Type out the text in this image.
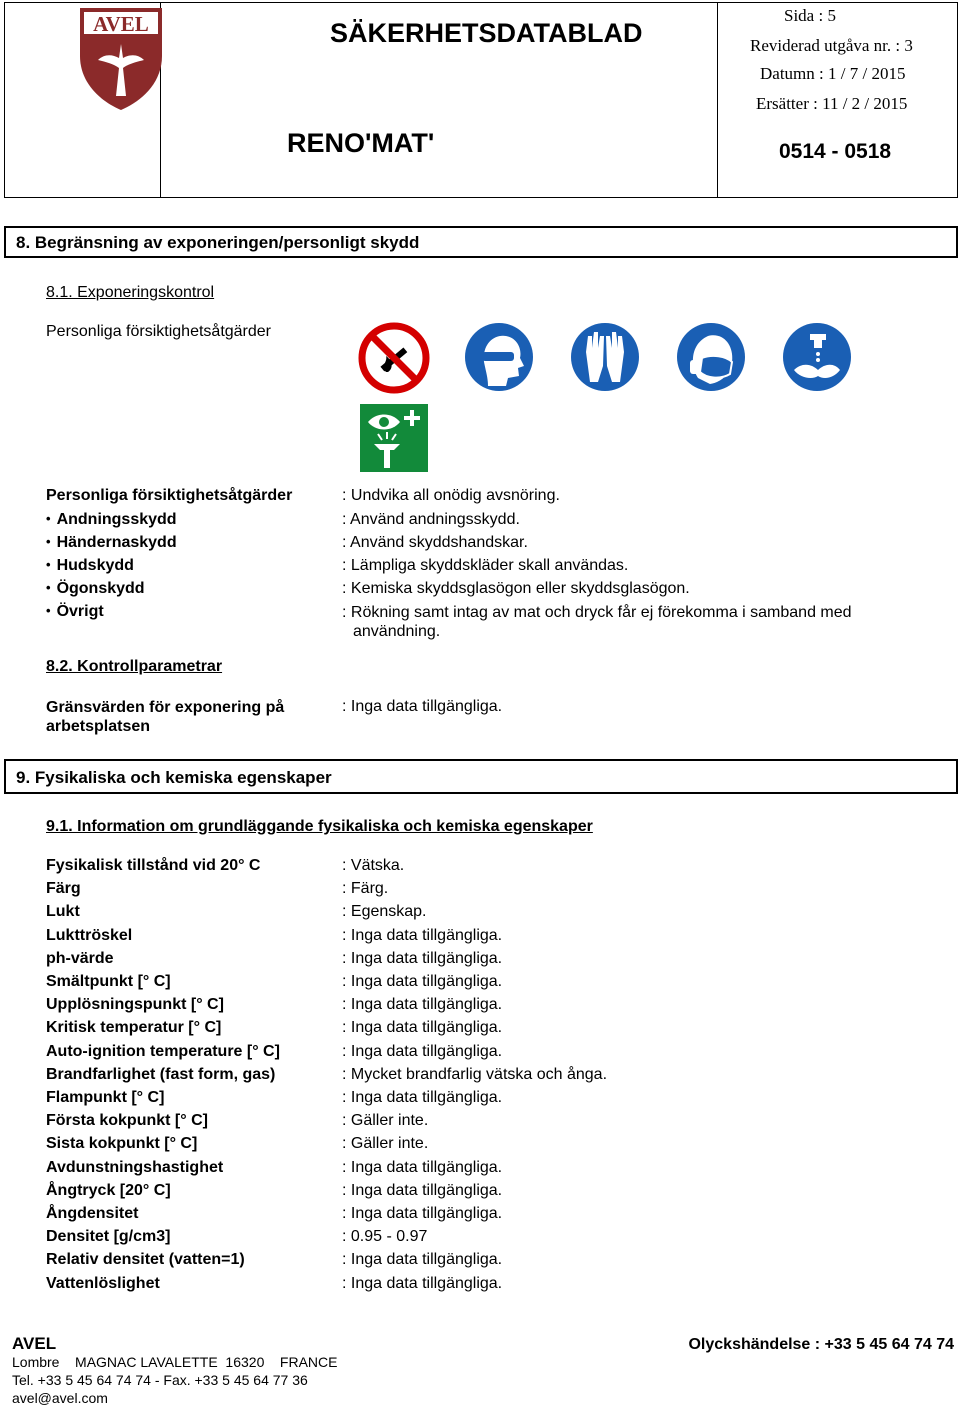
AVEL	SÄKERHETSDATABLAD
RENO'MAT'
Sida : 5
Reviderad utgåva nr. : 3
Datumn : 1 / 7 / 2015
Ersätter : 11 / 2 / 2015
0514 - 0518
8. Begränsning av exponeringen/personligt skydd
8.1. Exponeringskontrol
Personliga försiktighetsåtgärder
Personliga försiktighetsåtgärder	: Undvika all onödig avsnöring.
• Andningsskydd	: Använd andningsskydd.
• Händernaskydd	: Använd skyddshandskar.
• Hudskydd	: Lämpliga skyddskläder skall användas.
• Ögonskydd	: Kemiska skyddsglasögon eller skyddsglasögon.
• Övrigt	: Rökning samt intag av mat och dryck får ej förekomma i samband med användning.
8.2. Kontrollparametrar
Gränsvärden för exponering på arbetsplatsen
: Inga data tillgängliga.
9. Fysikaliska och kemiska egenskaper
9.1. Information om grundläggande fysikaliska och kemiska egenskaper
Fysikalisk tillstånd vid 20° C	: Vätska.
Färg	: Färg.
Lukt	: Egenskap.
Lukttröskel	: Inga data tillgängliga.
ph-värde	: Inga data tillgängliga.
Smältpunkt [° C]	: Inga data tillgängliga.
Upplösningspunkt [° C]	: Inga data tillgängliga.
Kritisk temperatur [° C]	: Inga data tillgängliga.
Auto-ignition temperature [° C]	: Inga data tillgängliga.
Brandfarlighet (fast form, gas)	: Mycket brandfarlig vätska och ånga.
Flampunkt [° C]	: Inga data tillgängliga.
Första kokpunkt [° C]	: Gäller inte.
Sista kokpunkt [° C]	: Gäller inte.
Avdunstningshastighet	: Inga data tillgängliga.
Ångtryck [20° C]	: Inga data tillgängliga.
Ångdensitet	: Inga data tillgängliga.
Densitet [g/cm3]	: 0.95 - 0.97
Relativ densitet (vatten=1)	: Inga data tillgängliga.
Vattenlöslighet	: Inga data tillgängliga.
AVEL
Lombre    MAGNAC LAVALETTE  16320    FRANCE
Tel. +33 5 45 64 74 74 - Fax. +33 5 45 64 77 36
avel@avel.com
Olyckshändelse : +33 5 45 64 74 74
